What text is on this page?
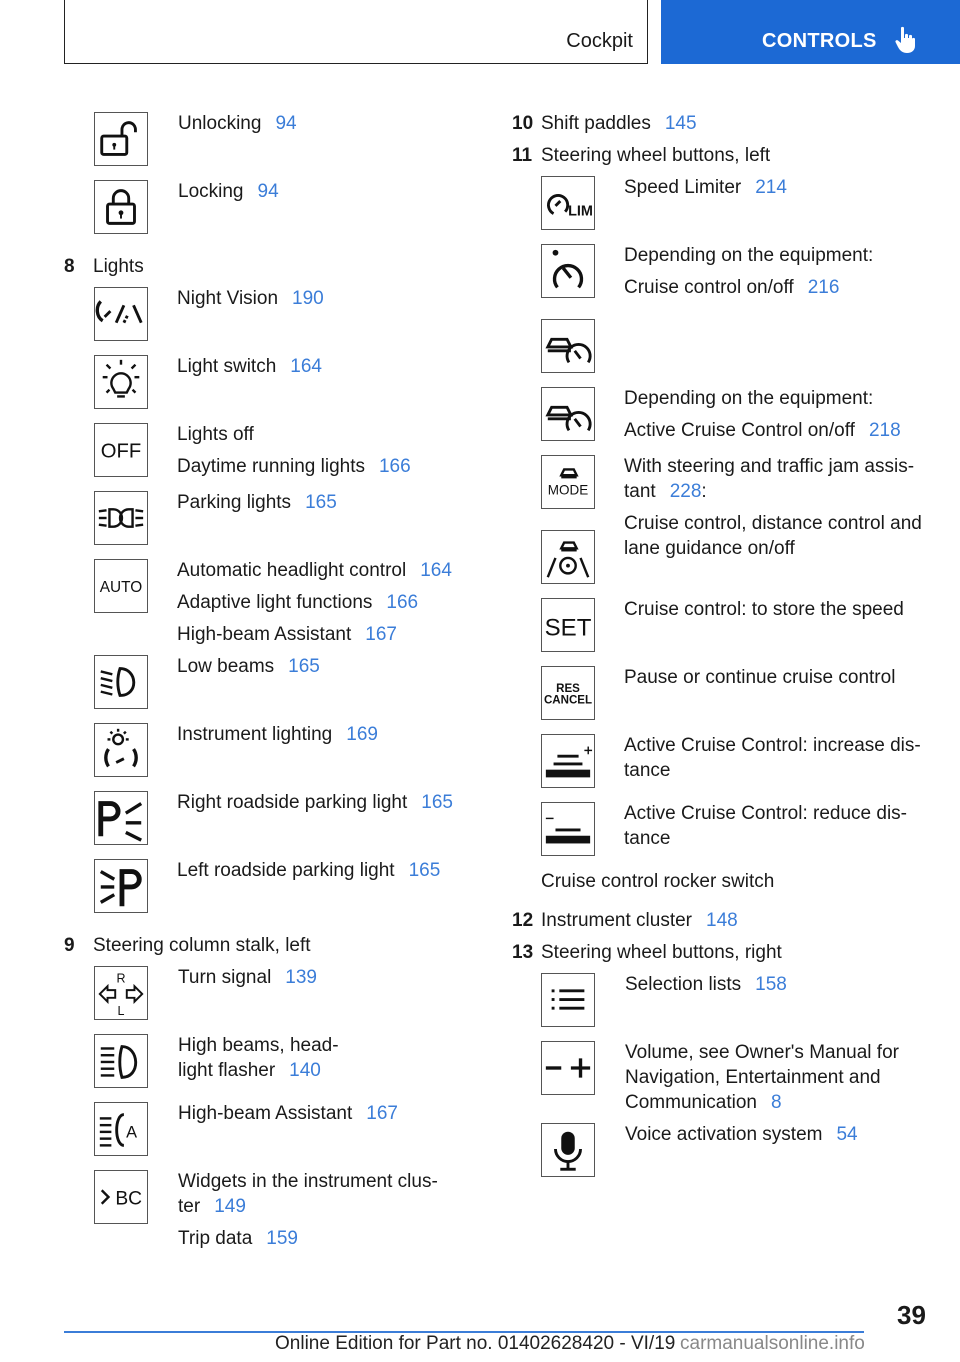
Cockpit	CONTROLS
Unlocking 94
Locking 94
8 Lights
Night Vision 190
Light switch 164
OFF
Lights off
Daytime running lights 166
Parking lights 165
AUTO
Automatic headlight control 164
Adaptive light functions 166
High-beam Assistant 167
Low beams 165
Instrument lighting 169
Right roadside parking light 165
Left roadside parking light 165
9 Steering column stalk, left
R
L
Turn signal 139
High beams, head-
light flasher 140
A
High-beam Assistant 167
BC
Widgets in the instrument clus-
ter 149
Trip data 159
10 Shift paddles 145
11 Steering wheel buttons, left
LIM
Speed Limiter 214
Depending on the equipment:
Cruise control on/off 216
Depending on the equipment:
Active Cruise Control on/off 218
MODE
With steering and traffic jam assis-
tant 228:
Cruise control, distance control and
lane guidance on/off
SET
Cruise control: to store the speed
RES
CANCEL
Pause or continue cruise control
Active Cruise Control: increase dis-
tance
Active Cruise Control: reduce dis-
tance
Cruise control rocker switch
12 Instrument cluster 148
13 Steering wheel buttons, right
Selection lists 158
Volume, see Owner's Manual for
Navigation, Entertainment and
Communication 8
Voice activation system 54
39
Online Edition for Part no. 01402628420 - VI/19 carmanualsonline.info
